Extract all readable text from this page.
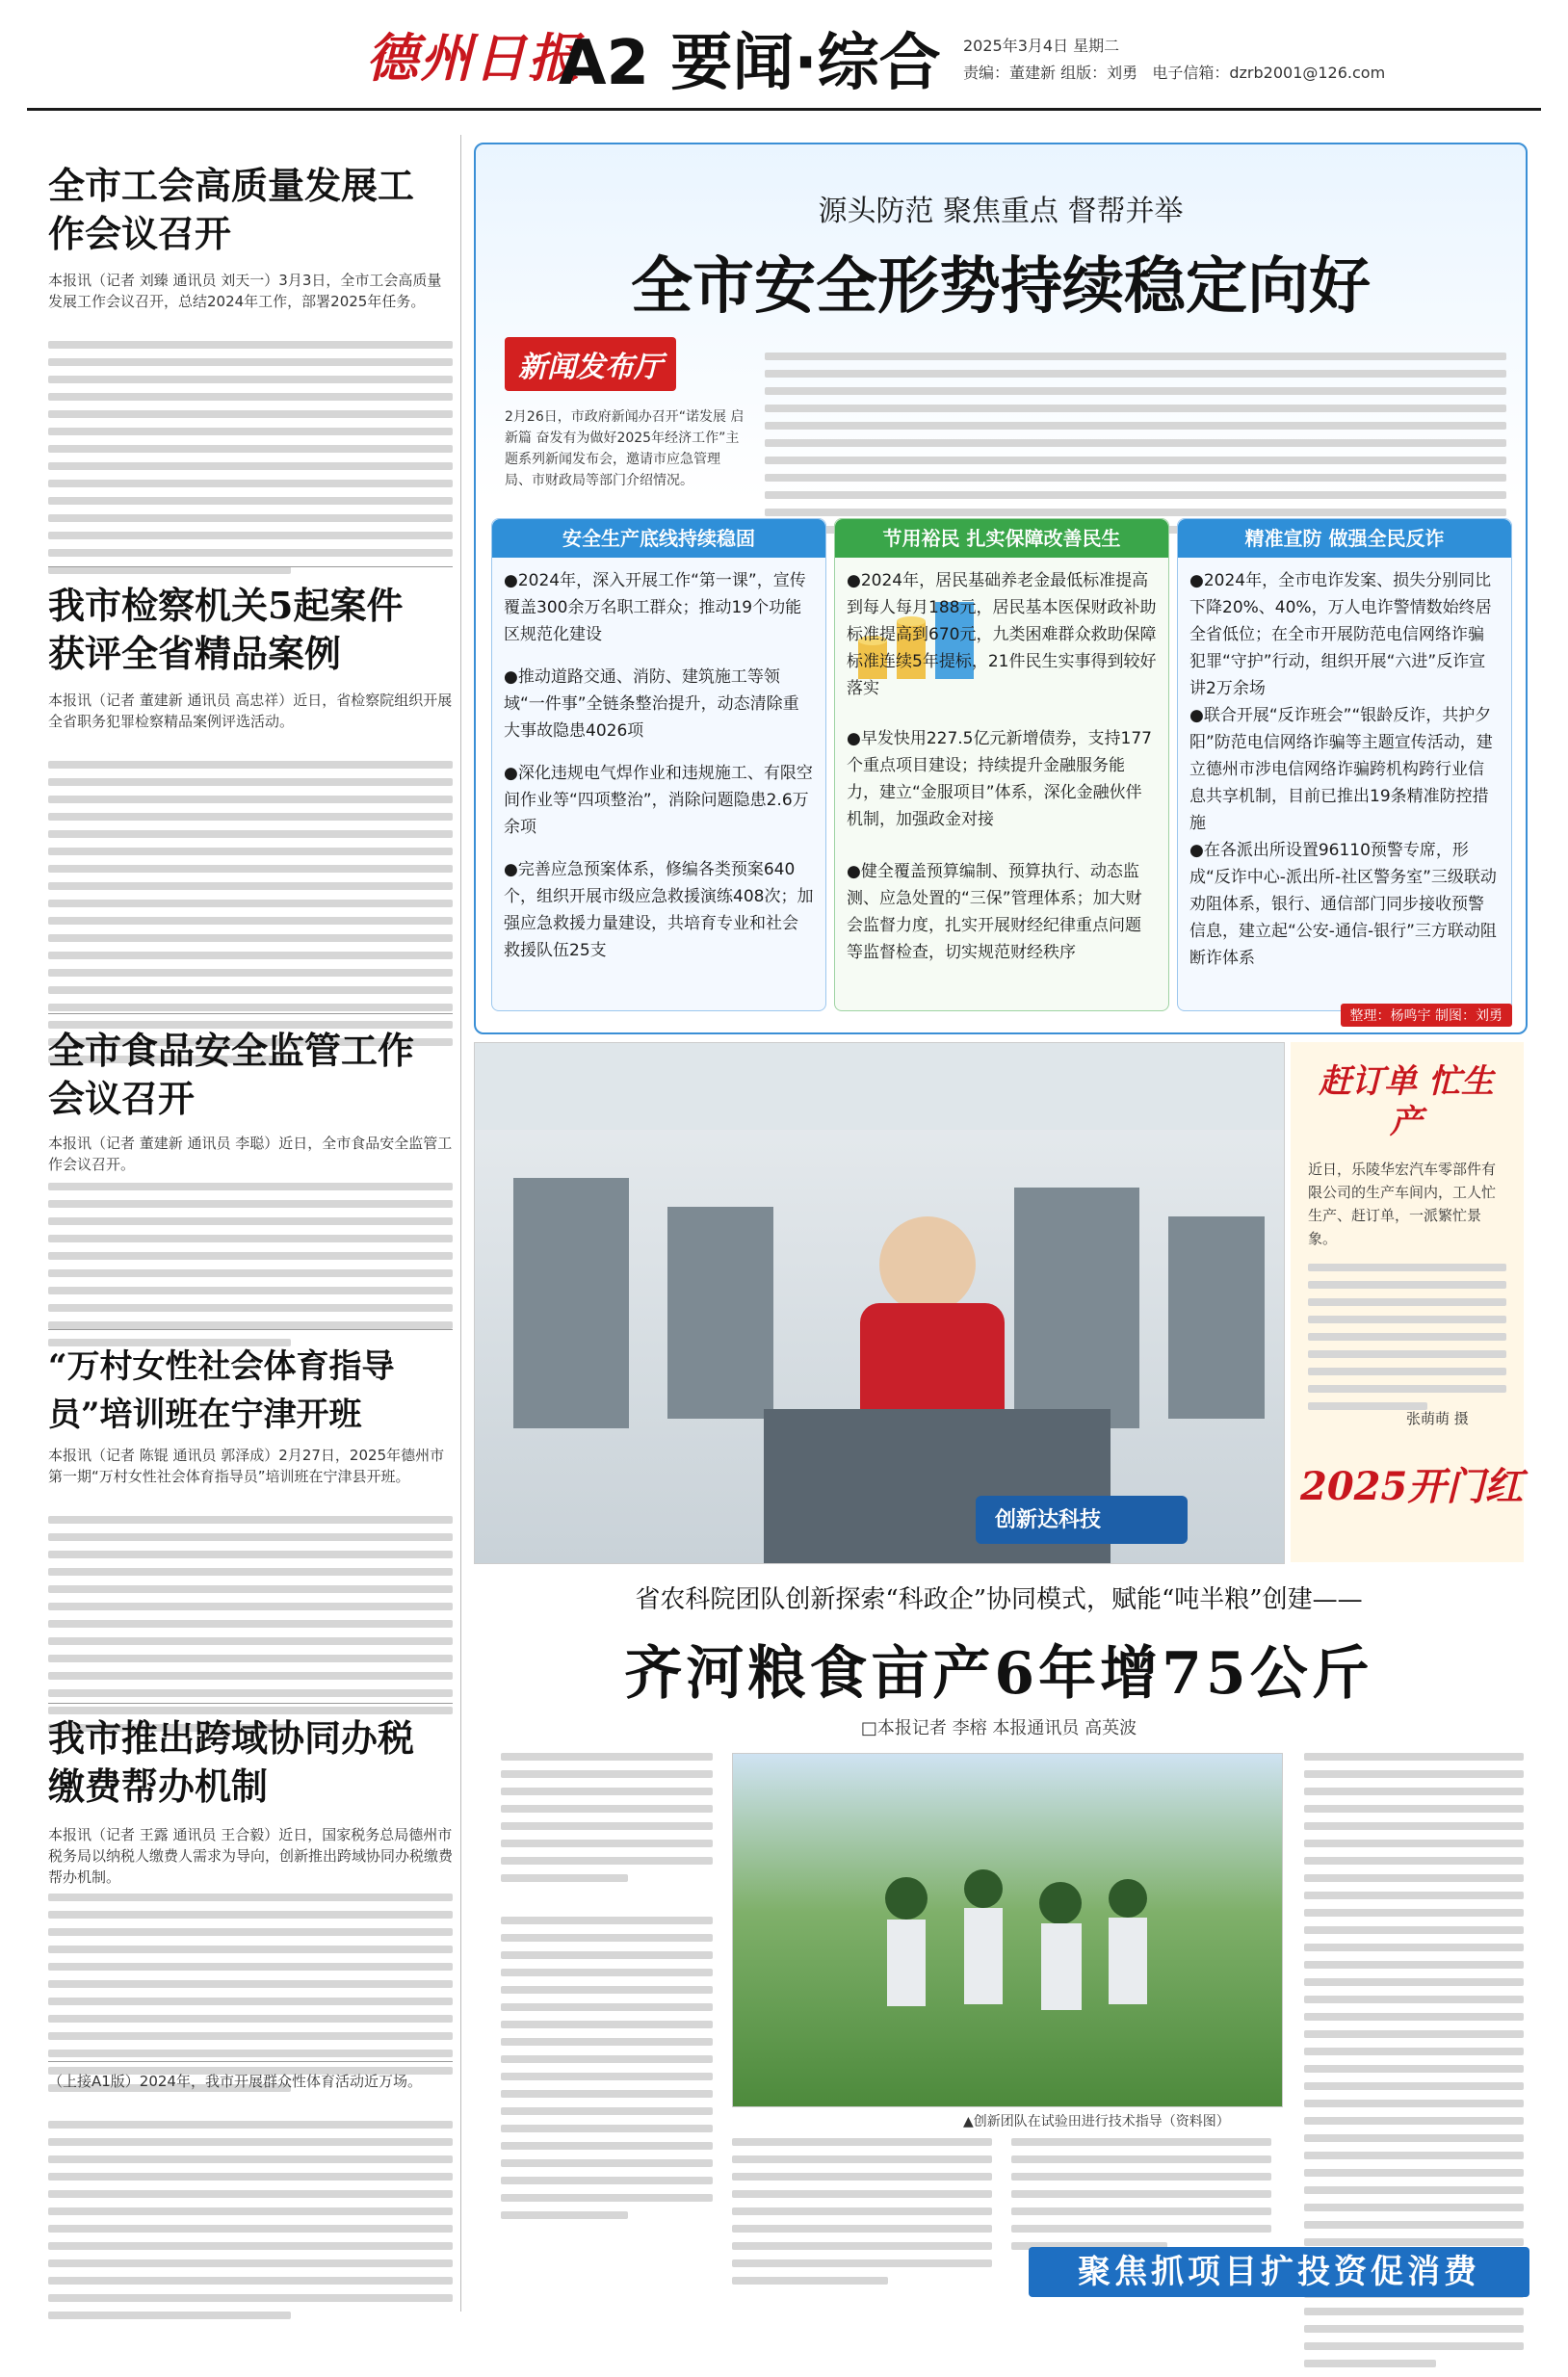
德州日报
A2 要闻·综合 2025年3月4日 星期二
责编：董建新 组版：刘勇 电子信箱：dzrb2001@126.com
全市工会高质量发展工作会议召开
本报讯（记者 刘臻 通讯员 刘天一）3月3日，全市工会高质量发展工作会议召开，总结2024年工作，部署2025年任务。
我市检察机关5起案件获评全省精品案例
本报讯（记者 董建新 通讯员 高忠祥）近日，省检察院组织开展全省职务犯罪检察精品案例评选活动。
全市食品安全监管工作会议召开
本报讯（记者 董建新 通讯员 李聪）近日，全市食品安全监管工作会议召开。
“万村女性社会体育指导员”培训班在宁津开班
本报讯（记者 陈锟 通讯员 郭泽成）2月27日，2025年德州市第一期“万村女性社会体育指导员”培训班在宁津县开班。
我市推出跨域协同办税缴费帮办机制
本报讯（记者 王露 通讯员 王合毅）近日，国家税务总局德州市税务局以纳税人缴费人需求为导向，创新推出跨域协同办税缴费帮办机制。
（上接A1版）2024年，我市开展群众性体育活动近万场。
源头防范 聚焦重点 督帮并举
全市安全形势持续稳定向好
新闻发布厅
2月26日，市政府新闻办召开“诺发展 启新篇 奋发有为做好2025年经济工作”主题系列新闻发布会，邀请市应急管理局、市财政局等部门介绍情况。
安全生产底线持续稳固
●2024年，深入开展工作“第一课”，宣传覆盖300余万名职工群众；推动19个功能区规范化建设
●推动道路交通、消防、建筑施工等领域“一件事”全链条整治提升，动态清除重大事故隐患4026项
●深化违规电气焊作业和违规施工、有限空间作业等“四项整治”，消除问题隐患2.6万余项
●完善应急预案体系，修编各类预案640个，组织开展市级应急救援演练408次；加强应急救援力量建设，共培育专业和社会救援队伍25支
节用裕民 扎实保障改善民生
●2024年，居民基础养老金最低标准提高到每人每月188元，居民基本医保财政补助标准提高到670元，九类困难群众救助保障标准连续5年提标，21件民生实事得到较好落实
●早发快用227.5亿元新增债券，支持177个重点项目建设；持续提升金融服务能力，建立“金服项目”体系，深化金融伙伴机制，加强政金对接
●健全覆盖预算编制、预算执行、动态监测、应急处置的“三保”管理体系；加大财会监督力度，扎实开展财经纪律重点问题等监督检查，切实规范财经秩序
精准宣防 做强全民反诈
●2024年，全市电诈发案、损失分别同比下降20%、40%，万人电诈警情数始终居全省低位；在全市开展防范电信网络诈骗犯罪“守护”行动，组织开展“六进”反诈宣讲2万余场
●联合开展“反诈班会”“银龄反诈，共护夕阳”防范电信网络诈骗等主题宣传活动，建立德州市涉电信网络诈骗跨机构跨行业信息共享机制，目前已推出19条精准防控措施
●在各派出所设置96110预警专席，形成“反诈中心-派出所-社区警务室”三级联动劝阻体系，银行、通信部门同步接收预警信息，建立起“公安-通信-银行”三方联动阻断诈体系
整理：杨鸣宇 制图：刘勇
创新达科技
赶订单 忙生产
近日，乐陵华宏汽车零部件有限公司的生产车间内，工人忙生产、赶订单，一派繁忙景象。
张萌萌 摄
2025开门红
省农科院团队创新探索“科政企”协同模式，赋能“吨半粮”创建——
齐河粮食亩产6年增75公斤
□本报记者 李榕 本报通讯员 高英波
▲创新团队在试验田进行技术指导（资料图）
聚焦抓项目扩投资促消费
